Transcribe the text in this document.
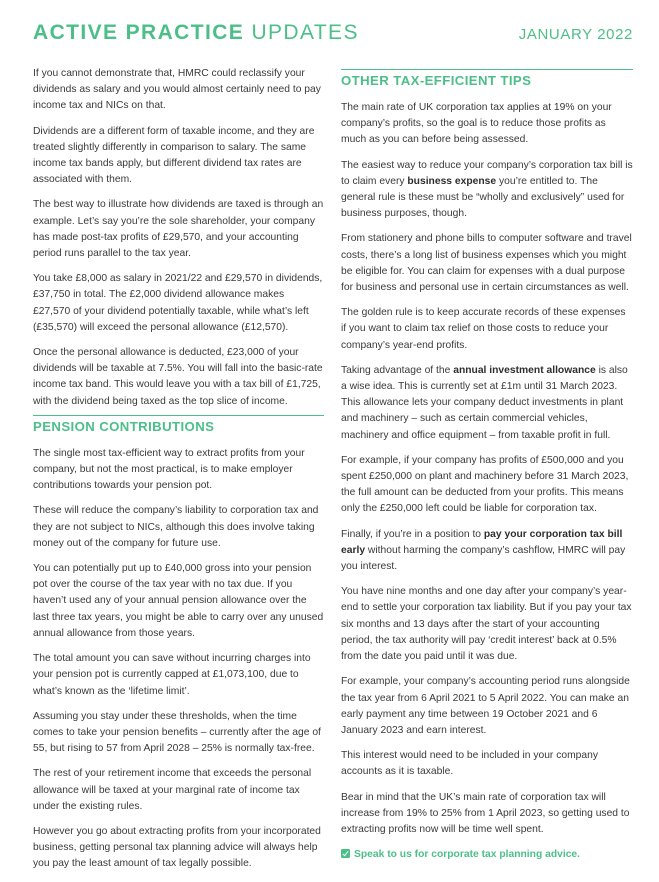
ACTIVE PRACTICE UPDATES	JANUARY 2022

If you cannot demonstrate that, HMRC could reclassify your dividends as salary and you would almost certainly need to pay income tax and NICs on that.

Dividends are a different form of taxable income, and they are treated slightly differently in comparison to salary. The same income tax bands apply, but different dividend tax rates are associated with them.

The best way to illustrate how dividends are taxed is through an example. Let’s say you’re the sole shareholder, your company has made post-tax profits of £29,570, and your accounting period runs parallel to the tax year.

You take £8,000 as salary in 2021/22 and £29,570 in dividends, £37,750 in total. The £2,000 dividend allowance makes £27,570 of your dividend potentially taxable, while what’s left (£35,570) will exceed the personal allowance (£12,570).

Once the personal allowance is deducted, £23,000 of your dividends will be taxable at 7.5%. You will fall into the basic-rate income tax band. This would leave you with a tax bill of £1,725, with the dividend being taxed as the top slice of income.

PENSION CONTRIBUTIONS

The single most tax-efficient way to extract profits from your company, but not the most practical, is to make employer contributions towards your pension pot.

These will reduce the company’s liability to corporation tax and they are not subject to NICs, although this does involve taking money out of the company for future use.

You can potentially put up to £40,000 gross into your pension pot over the course of the tax year with no tax due. If you haven’t used any of your annual pension allowance over the last three tax years, you might be able to carry over any unused annual allowance from those years.

The total amount you can save without incurring charges into your pension pot is currently capped at £1,073,100, due to what’s known as the ‘lifetime limit’.

Assuming you stay under these thresholds, when the time comes to take your pension benefits – currently after the age of 55, but rising to 57 from April 2028 – 25% is normally tax-free.

The rest of your retirement income that exceeds the personal allowance will be taxed at your marginal rate of income tax under the existing rules.

However you go about extracting profits from your incorporated business, getting personal tax planning advice will always help you pay the least amount of tax legally possible.

OTHER TAX-EFFICIENT TIPS

The main rate of UK corporation tax applies at 19% on your company’s profits, so the goal is to reduce those profits as much as you can before being assessed.

The easiest way to reduce your company’s corporation tax bill is to claim every business expense you’re entitled to. The general rule is these must be “wholly and exclusively” used for business purposes, though.

From stationery and phone bills to computer software and travel costs, there’s a long list of business expenses which you might be eligible for. You can claim for expenses with a dual purpose for business and personal use in certain circumstances as well.

The golden rule is to keep accurate records of these expenses if you want to claim tax relief on those costs to reduce your company’s year-end profits.

Taking advantage of the annual investment allowance is also a wise idea. This is currently set at £1m until 31 March 2023. This allowance lets your company deduct investments in plant and machinery – such as certain commercial vehicles, machinery and office equipment – from taxable profit in full.

For example, if your company has profits of £500,000 and you spent £250,000 on plant and machinery before 31 March 2023, the full amount can be deducted from your profits. This means only the £250,000 left could be liable for corporation tax.

Finally, if you’re in a position to pay your corporation tax bill early without harming the company’s cashflow, HMRC will pay you interest.

You have nine months and one day after your company’s year-end to settle your corporation tax liability. But if you pay your tax six months and 13 days after the start of your accounting period, the tax authority will pay ‘credit interest’ back at 0.5% from the date you paid until it was due.

For example, your company’s accounting period runs alongside the tax year from 6 April 2021 to 5 April 2022. You can make an early payment any time between 19 October 2021 and 6 January 2023 and earn interest.

This interest would need to be included in your company accounts as it is taxable.

Bear in mind that the UK’s main rate of corporation tax will increase from 19% to 25% from 1 April 2023, so getting used to extracting profits now will be time well spent.

Speak to us for corporate tax planning advice.
